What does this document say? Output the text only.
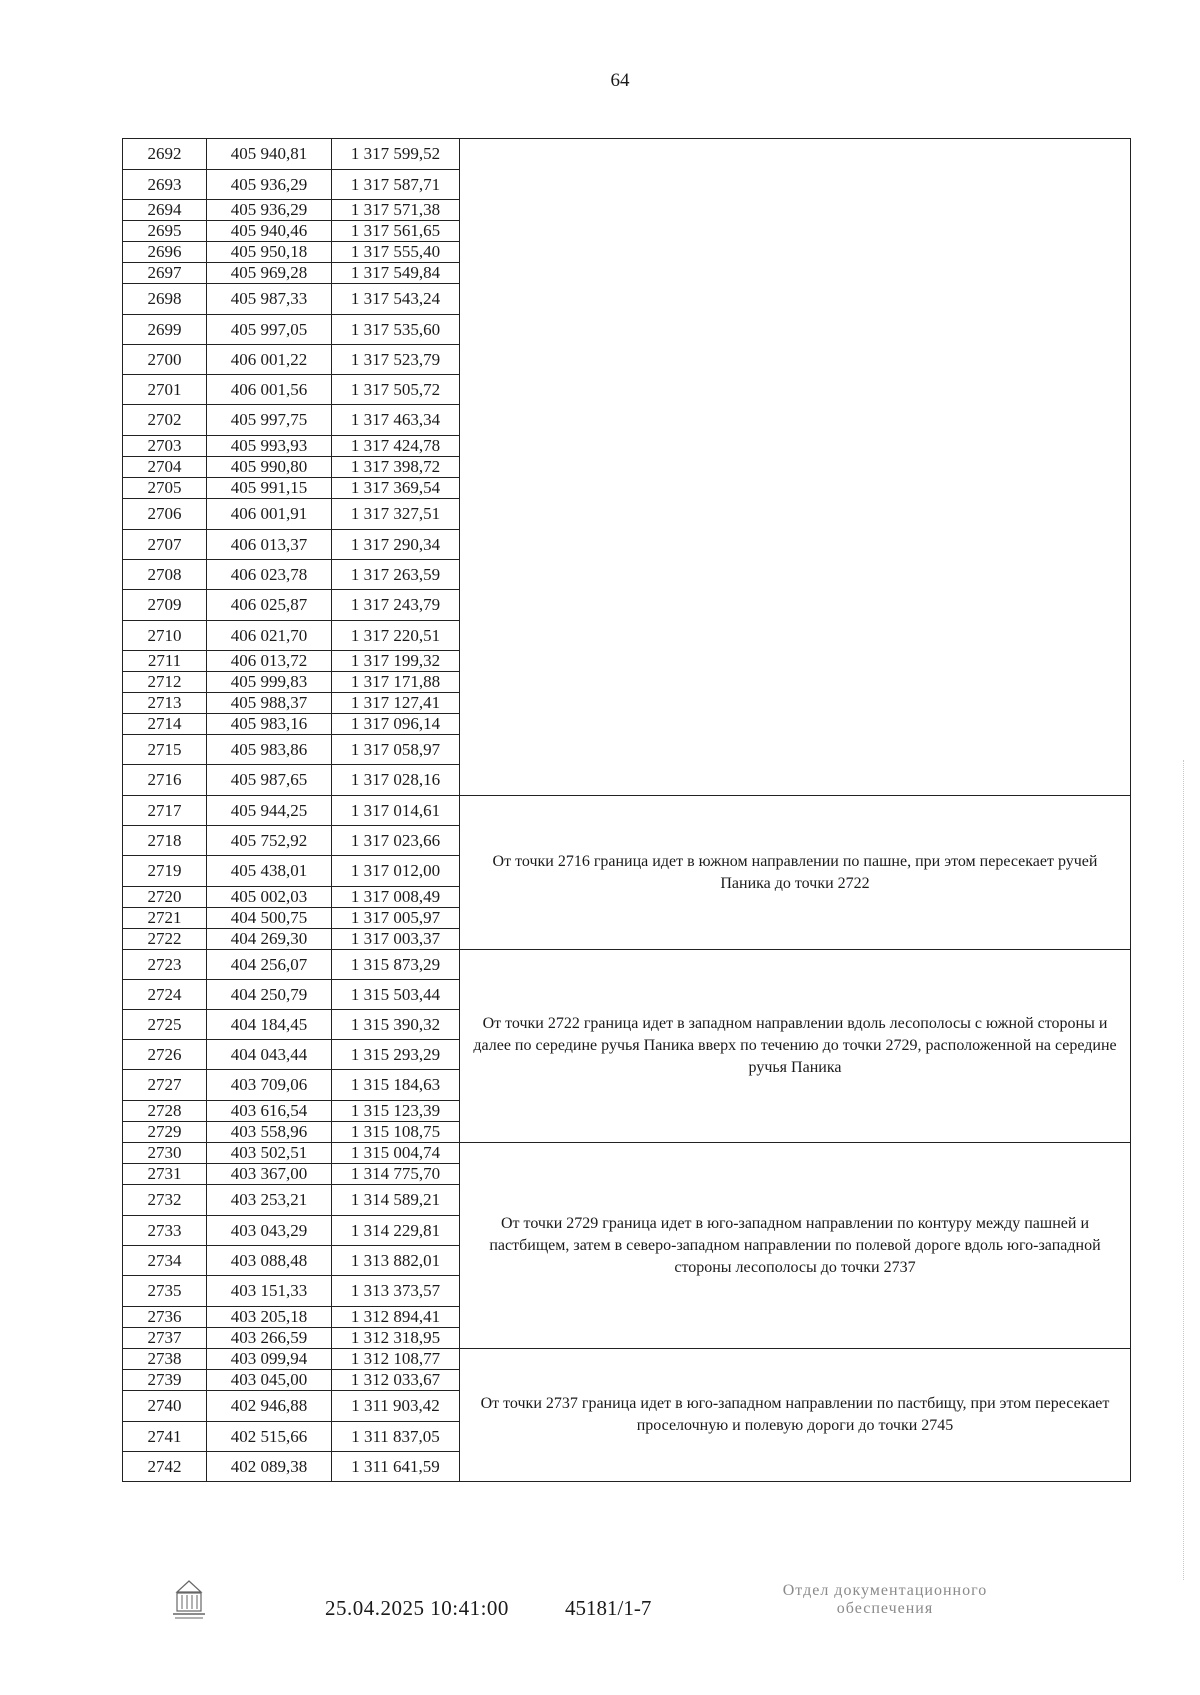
64
2692	405 940,81	1 317 599,52	
2693	405 936,29	1 317 587,71	
2694	405 936,29	1 317 571,38	
2695	405 940,46	1 317 561,65	
2696	405 950,18	1 317 555,40	
2697	405 969,28	1 317 549,84	
2698	405 987,33	1 317 543,24	
2699	405 997,05	1 317 535,60	
2700	406 001,22	1 317 523,79	
2701	406 001,56	1 317 505,72	
2702	405 997,75	1 317 463,34	
2703	405 993,93	1 317 424,78	
2704	405 990,80	1 317 398,72	
2705	405 991,15	1 317 369,54	
2706	406 001,91	1 317 327,51	
2707	406 013,37	1 317 290,34	
2708	406 023,78	1 317 263,59	
2709	406 025,87	1 317 243,79	
2710	406 021,70	1 317 220,51	
2711	406 013,72	1 317 199,32	
2712	405 999,83	1 317 171,88	
2713	405 988,37	1 317 127,41	
2714	405 983,16	1 317 096,14	
2715	405 983,86	1 317 058,97	
2716	405 987,65	1 317 028,16	
2717	405 944,25	1 317 014,61	От точки 2716 граница идет в южном направлении по пашне, при этом пересекает ручей Паника до точки 2722
2718	405 752,92	1 317 023,66	
2719	405 438,01	1 317 012,00	
2720	405 002,03	1 317 008,49	
2721	404 500,75	1 317 005,97	
2722	404 269,30	1 317 003,37	
2723	404 256,07	1 315 873,29	От точки 2722 граница идет в западном направлении вдоль лесополосы с южной стороны и далее по середине ручья Паника вверх по течению до точки 2729, расположенной на середине ручья Паника
2724	404 250,79	1 315 503,44	
2725	404 184,45	1 315 390,32	
2726	404 043,44	1 315 293,29	
2727	403 709,06	1 315 184,63	
2728	403 616,54	1 315 123,39	
2729	403 558,96	1 315 108,75	
2730	403 502,51	1 315 004,74	От точки 2729 граница идет в юго-западном направлении по контуру между пашней и пастбищем, затем в северо-западном направлении по полевой дороге вдоль юго-западной стороны лесополосы до точки 2737
2731	403 367,00	1 314 775,70	
2732	403 253,21	1 314 589,21	
2733	403 043,29	1 314 229,81	
2734	403 088,48	1 313 882,01	
2735	403 151,33	1 313 373,57	
2736	403 205,18	1 312 894,41	
2737	403 266,59	1 312 318,95	
2738	403 099,94	1 312 108,77	От точки 2737 граница идет в юго-западном направлении по пастбищу, при этом пересекает проселочную и полевую дороги до точки 2745
2739	403 045,00	1 312 033,67	
2740	402 946,88	1 311 903,42	
2741	402 515,66	1 311 837,05	
2742	402 089,38	1 311 641,59	
25.04.2025 10:41:00	45181/1-7
Отдел документационного обеспечения
